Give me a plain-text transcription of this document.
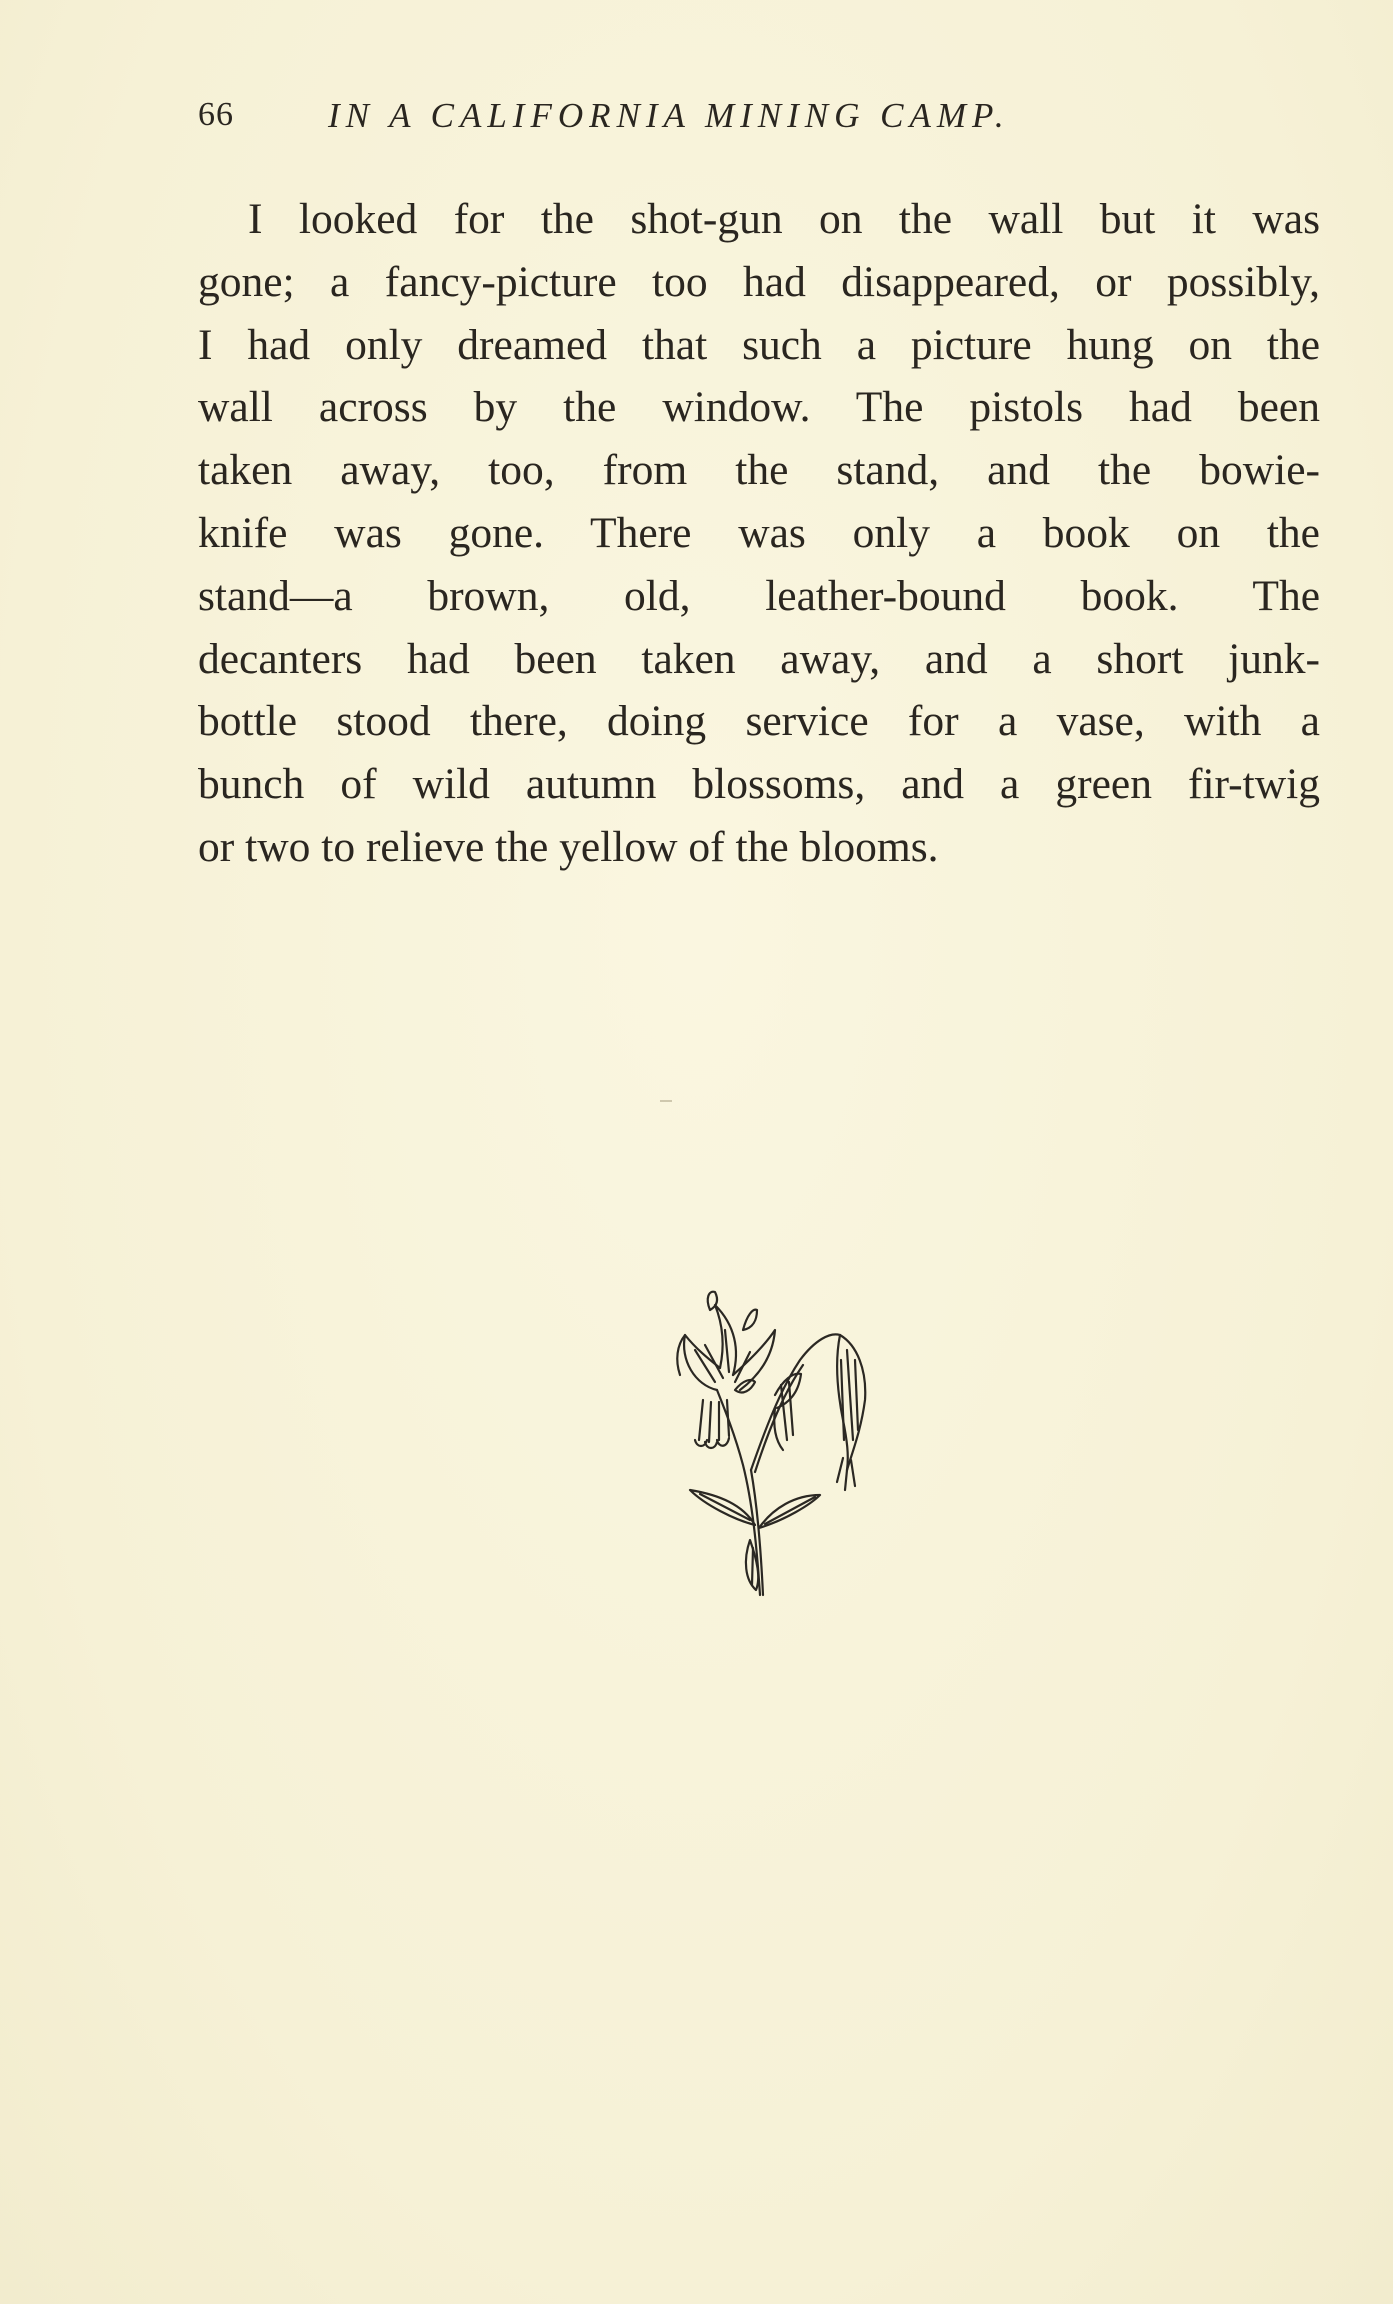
66	IN A CALIFORNIA MINING CAMP.
I looked for the shot-gun on the wall but it was
gone; a fancy-picture too had disappeared, or possibly,
I had only dreamed that such a picture hung on the
wall across by the window. The pistols had been
taken away, too, from the stand, and the bowie-
knife was gone. There was only a book on the
stand—a brown, old, leather-bound book. The
decanters had been taken away, and a short junk-
bottle stood there, doing service for a vase, with a
bunch of wild autumn blossoms, and a green fir-twig
or two to relieve the yellow of the blooms.
